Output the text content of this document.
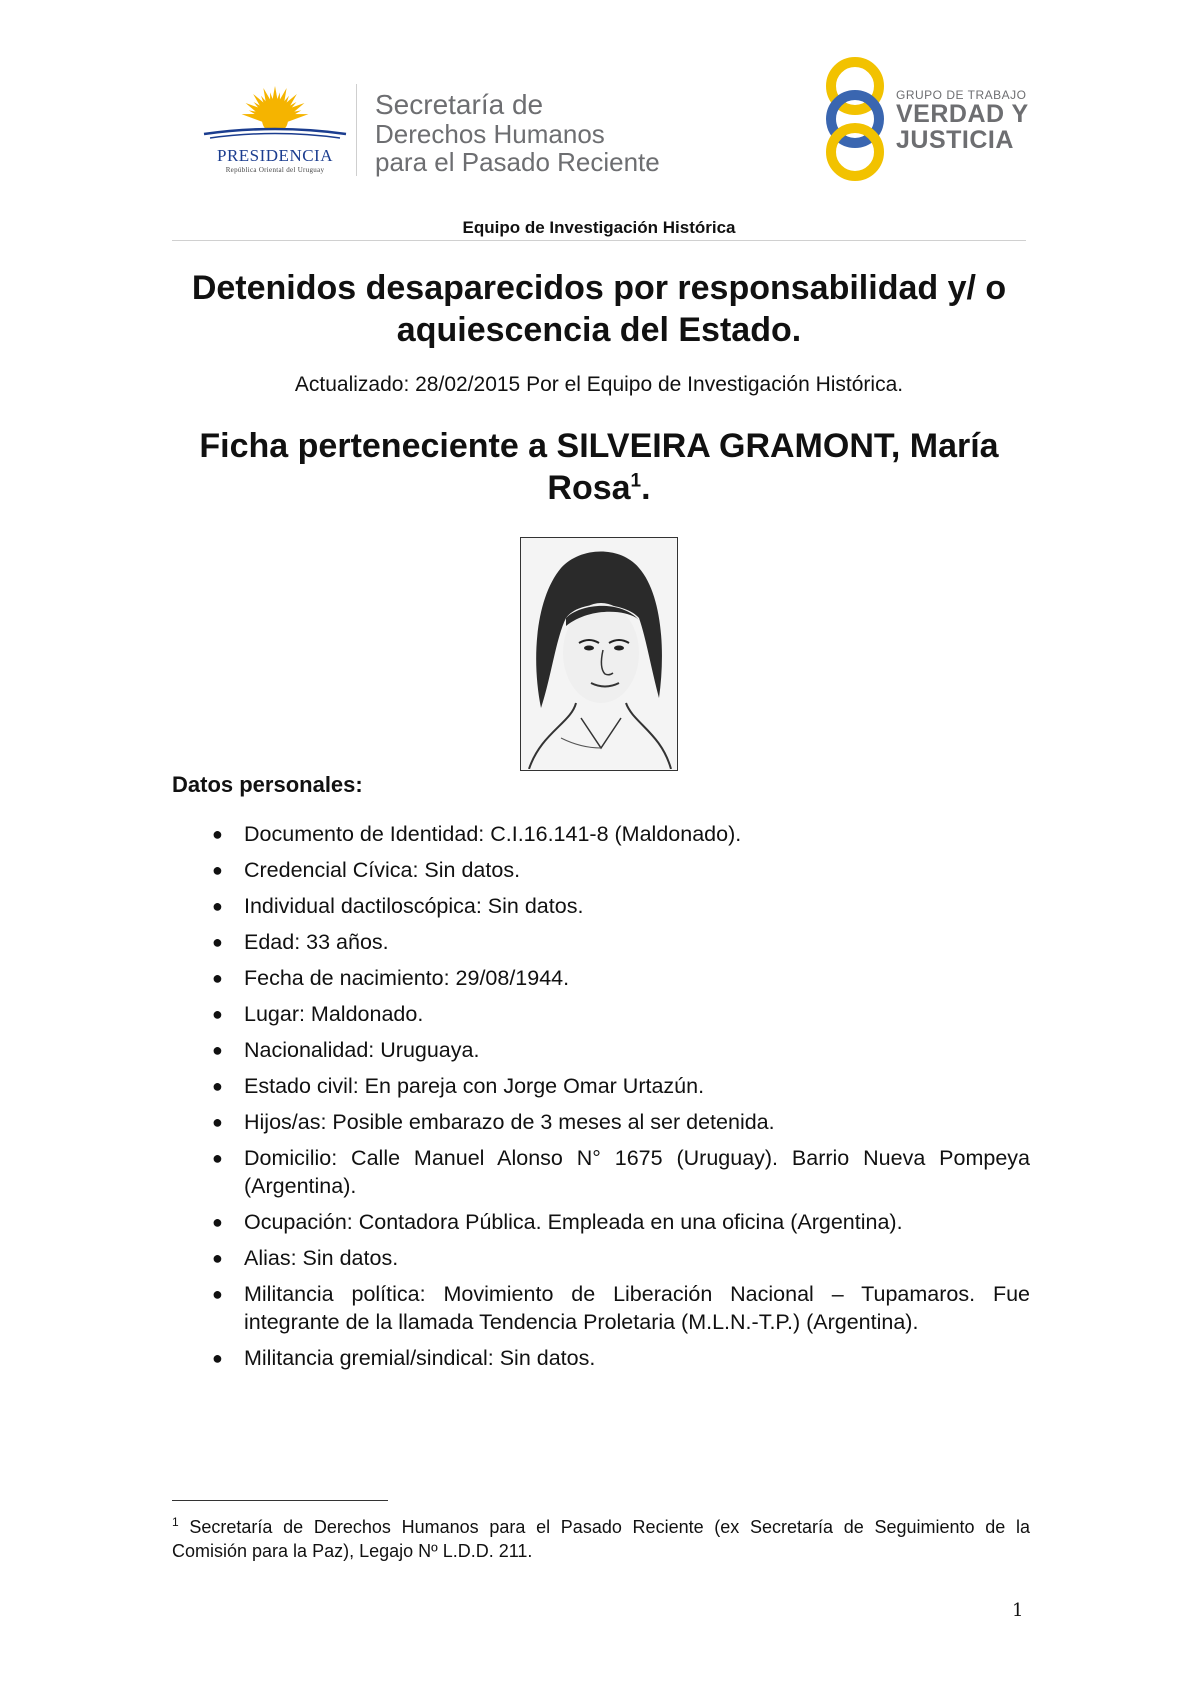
PRESIDENCIA
República Oriental del Uruguay
Secretaría de
Derechos Humanos
para el Pasado Reciente
GRUPO DE TRABAJO
VERDAD Y
JUSTICIA
Equipo de Investigación Histórica
Detenidos desaparecidos por responsabilidad y/ o aquiescencia del Estado.
Actualizado: 28/02/2015 Por el Equipo de Investigación Histórica.
Ficha perteneciente a SILVEIRA GRAMONT, María Rosa$^1$.
Datos personales:
● Documento de Identidad: C.I.16.141-8 (Maldonado).
● Credencial Cívica: Sin datos.
● Individual dactiloscópica: Sin datos.
● Edad: 33 años.
● Fecha de nacimiento: 29/08/1944.
● Lugar: Maldonado.
● Nacionalidad: Uruguaya.
● Estado civil: En pareja con Jorge Omar Urtazún.
● Hijos/as: Posible embarazo de 3 meses al ser detenida.
● Domicilio: Calle Manuel Alonso N° 1675 (Uruguay). Barrio Nueva Pompeya (Argentina).
● Ocupación: Contadora Pública. Empleada en una oficina (Argentina).
● Alias: Sin datos.
● Militancia política: Movimiento de Liberación Nacional – Tupamaros. Fue integrante de la llamada Tendencia Proletaria (M.L.N.-T.P.) (Argentina).
● Militancia gremial/sindical: Sin datos.
$^1$ Secretaría de Derechos Humanos para el Pasado Reciente (ex Secretaría de Seguimiento de la Comisión para la Paz), Legajo Nº L.D.D. 211.
1
